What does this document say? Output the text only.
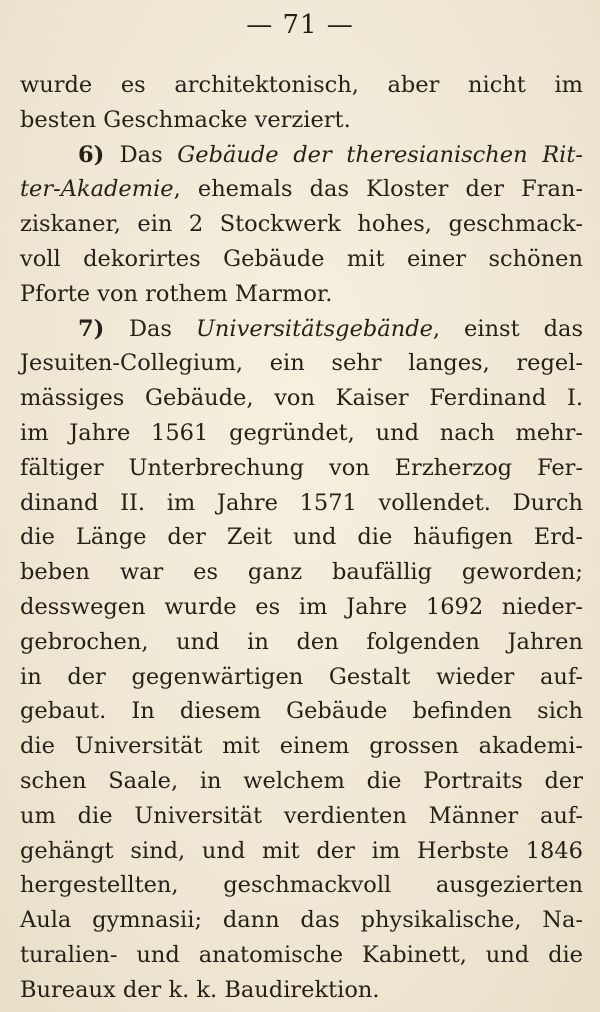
— 71 —
wurde es architektonisch, aber nicht im
besten Geschmacke verziert.
6) Das Gebäude der theresianischen Rit-
ter-Akademie, ehemals das Kloster der Fran-
ziskaner, ein 2 Stockwerk hohes, geschmack-
voll dekorirtes Gebäude mit einer schönen
Pforte von rothem Marmor.
7) Das Universitätsgebände, einst das
Jesuiten-Collegium, ein sehr langes, regel-
mässiges Gebäude, von Kaiser Ferdinand I.
im Jahre 1561 gegründet, und nach mehr-
fältiger Unterbrechung von Erzherzog Fer-
dinand II. im Jahre 1571 vollendet. Durch
die Länge der Zeit und die häufigen Erd-
beben war es ganz baufällig geworden;
desswegen wurde es im Jahre 1692 nieder-
gebrochen, und in den folgenden Jahren
in der gegenwärtigen Gestalt wieder auf-
gebaut. In diesem Gebäude befinden sich
die Universität mit einem grossen akademi-
schen Saale, in welchem die Portraits der
um die Universität verdienten Männer auf-
gehängt sind, und mit der im Herbste 1846
hergestellten, geschmackvoll ausgezierten
Aula gymnasii; dann das physikalische, Na-
turalien- und anatomische Kabinett, und die
Bureaux der k. k. Baudirektion.
